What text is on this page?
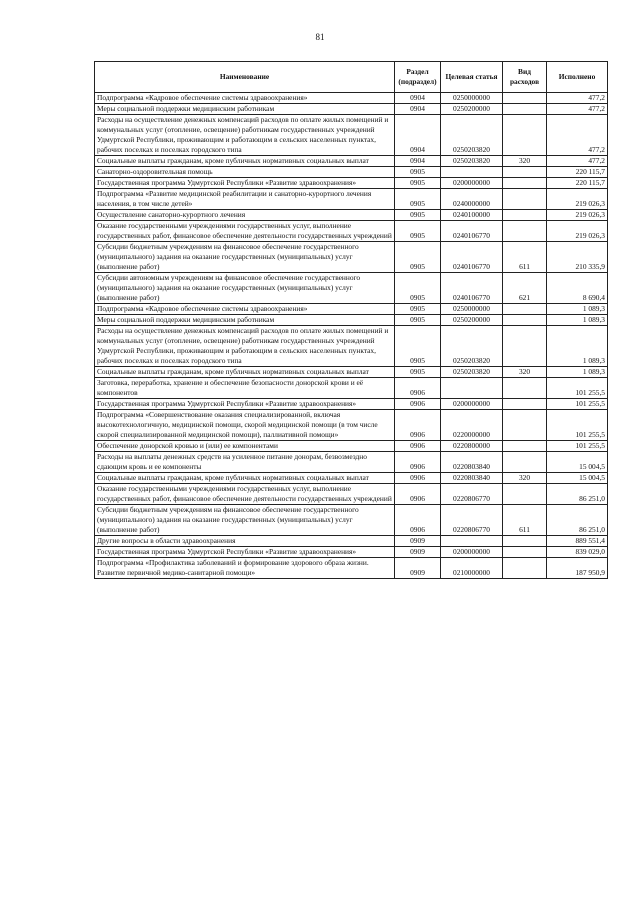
81
Наименование	Раздел (подраздел)	Целевая статья	Вид расходов	Исполнено
Подпрограмма «Кадровое обеспечение системы здравоохранения»	0904	0250000000		477,2
Меры социальной поддержки медицинским работникам	0904	0250200000		477,2
Расходы на осуществление денежных компенсаций расходов по оплате жилых помещений и коммунальных услуг (отопление, освещение) работникам государственных учреждений Удмуртской Республики, проживающим и работающим в сельских населенных пунктах, рабочих поселках и поселках городского типа	0904	0250203820		477,2
Социальные выплаты гражданам, кроме публичных нормативных социальных выплат	0904	0250203820	320	477,2
Санаторно-оздоровительная помощь	0905			220 115,7
Государственная программа Удмуртской Республики «Развитие здравоохранения»	0905	0200000000		220 115,7
Подпрограмма «Развитие медицинской реабилитации и санаторно-курортного лечения населения, в том числе детей»	0905	0240000000		219 026,3
Осуществление санаторно-курортного лечения	0905	0240100000		219 026,3
Оказание государственными учреждениями государственных услуг, выполнение государственных работ, финансовое обеспечение деятельности государственных учреждений	0905	0240106770		219 026,3
Субсидии бюджетным учреждениям на финансовое обеспечение государственного (муниципального) задания на оказание государственных (муниципальных) услуг (выполнение работ)	0905	0240106770	611	210 335,9
Субсидии автономным учреждениям на финансовое обеспечение государственного (муниципального) задания на оказание государственных (муниципальных) услуг (выполнение работ)	0905	0240106770	621	8 690,4
Подпрограмма «Кадровое обеспечение системы здравоохранения»	0905	0250000000		1 089,3
Меры социальной поддержки медицинским работникам	0905	0250200000		1 089,3
Расходы на осуществление денежных компенсаций расходов по оплате жилых помещений и коммунальных услуг (отопление, освещение) работникам государственных учреждений Удмуртской Республики, проживающим и работающим в сельских населенных пунктах, рабочих поселках и поселках городского типа	0905	0250203820		1 089,3
Социальные выплаты гражданам, кроме публичных нормативных социальных выплат	0905	0250203820	320	1 089,3
Заготовка, переработка, хранение и обеспечение безопасности донорской крови и её компонентов	0906			101 255,5
Государственная программа Удмуртской Республики «Развитие здравоохранения»	0906	0200000000		101 255,5
Подпрограмма «Совершенствование оказания специализированной, включая высокотехнологичную, медицинской помощи, скорой медицинской помощи (в том числе скорой специализированной медицинской помощи), паллиативной помощи»	0906	0220000000		101 255,5
Обеспечение донорской кровью и (или) ее компонентами	0906	0220800000		101 255,5
Расходы на выплаты денежных средств на усиленное питание донорам, безвозмездно сдающим кровь и ее компоненты	0906	0220803840		15 004,5
Социальные выплаты гражданам, кроме публичных нормативных социальных выплат	0906	0220803840	320	15 004,5
Оказание государственными учреждениями государственных услуг, выполнение государственных работ, финансовое обеспечение деятельности государственных учреждений	0906	0220806770		86 251,0
Субсидии бюджетным учреждениям на финансовое обеспечение государственного (муниципального) задания на оказание государственных (муниципальных) услуг (выполнение работ)	0906	0220806770	611	86 251,0
Другие вопросы в области здравоохранения	0909			889 551,4
Государственная программа Удмуртской Республики «Развитие здравоохранения»	0909	0200000000		839 029,0
Подпрограмма «Профилактика заболеваний и формирование здорового образа жизни. Развитие первичной медико-санитарной помощи»	0909	0210000000		187 950,9
